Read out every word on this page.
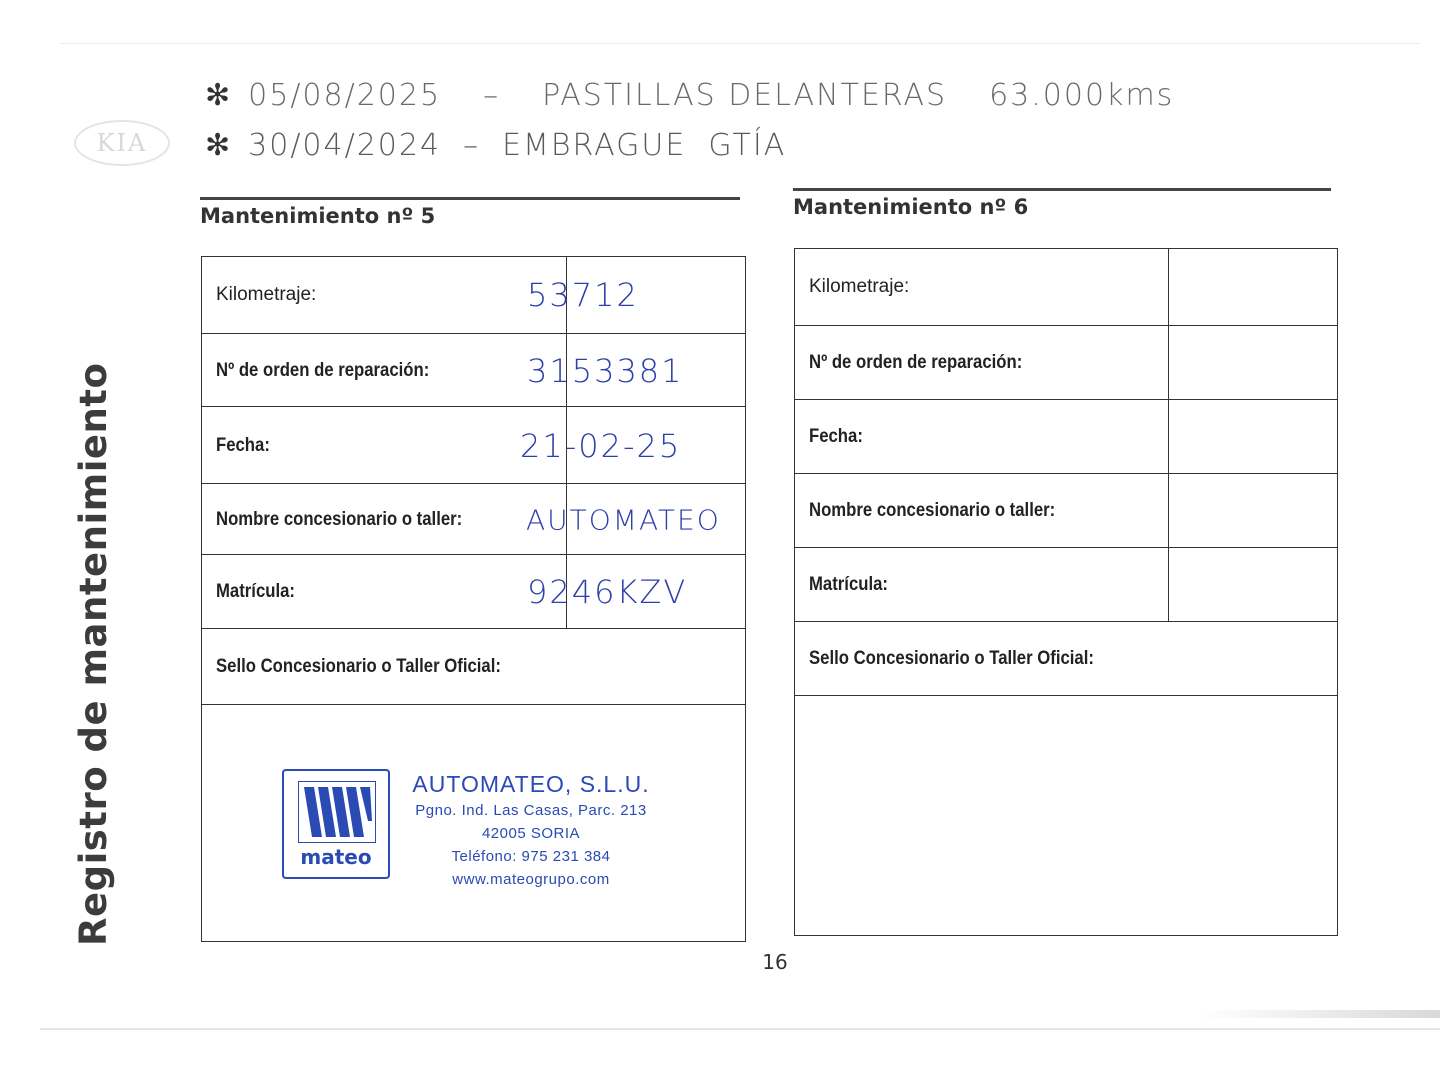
KIA
✻ 05/08/2025 – PASTILLAS DELANTERAS 63.000kms
✻ 30/04/2024 – EMBRAGUE GTÍA
Registro de mantenimiento
Mantenimiento nº 5
Kilometraje:	53712
Nº de orden de reparación:	3153381
Fecha:	21-02-25
Nombre concesionario o taller: AUTOMATEO
Matrícula:	9246KZV
Sello Concesionario o Taller Oficial:
mateo
AUTOMATEO, S.L.U.
Pgno. Ind. Las Casas, Parc. 213
42005 SORIA
Teléfono: 975 231 384
www.mateogrupo.com
Mantenimiento nº 6
Kilometraje:
Nº de orden de reparación:
Fecha:
Nombre concesionario o taller:
Matrícula:
Sello Concesionario o Taller Oficial:
16
